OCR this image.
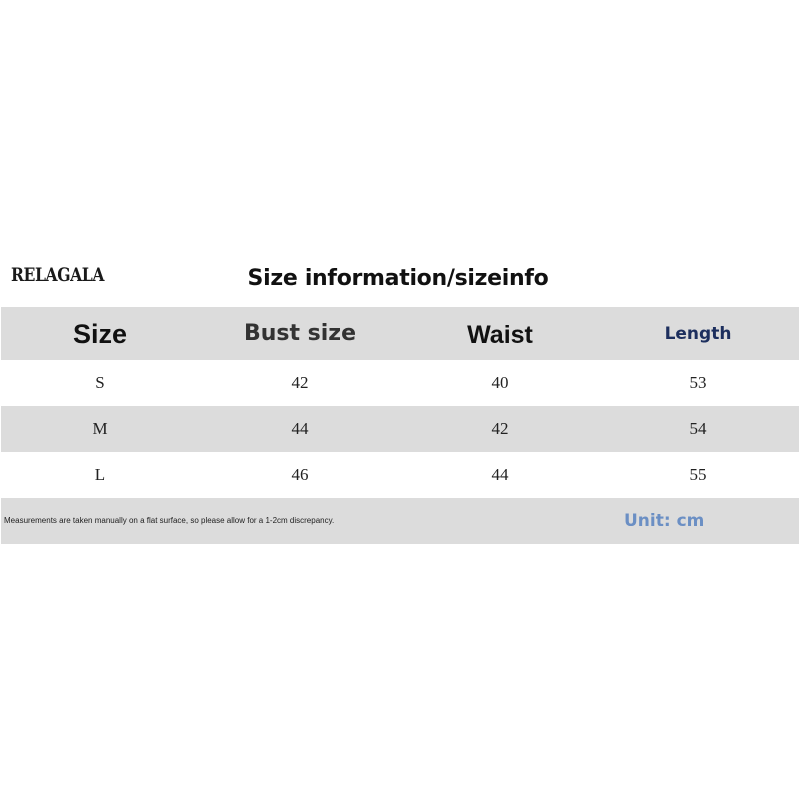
RELAGALA	Size information/sizeinfo
Size	Bust size	Waist	Length
S	42	40	53
M	44	42	54
L	46	44	55
Measurements are taken manually on a flat surface, so please allow for a 1-2cm discrepancy.	Unit: cm
